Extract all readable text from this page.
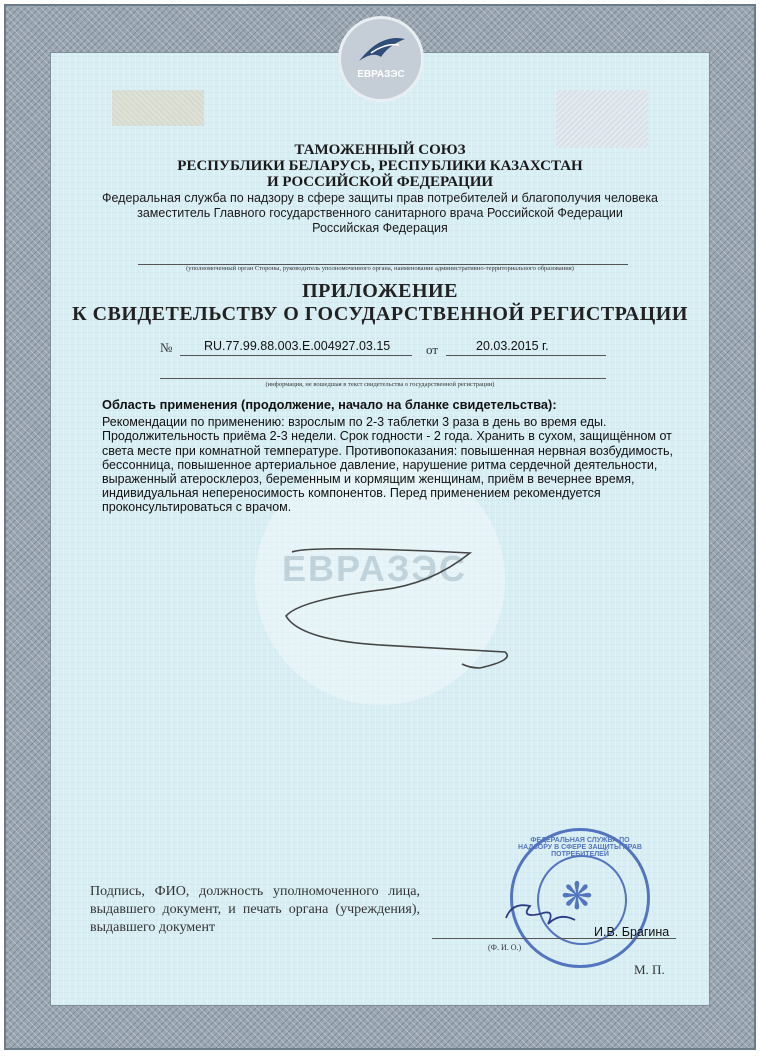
ЕВРАЗЭС
ЕВРАЗЭС
ТАМОЖЕННЫЙ СОЮЗ
РЕСПУБЛИКИ БЕЛАРУСЬ, РЕСПУБЛИКИ КАЗАХСТАН
И РОССИЙСКОЙ ФЕДЕРАЦИИ
Федеральная служба по надзору в сфере защиты прав потребителей и благополучия человека
заместитель Главного государственного санитарного врача Российской Федерации
Российская Федерация
(уполномоченный орган Стороны, руководитель уполномоченного органа, наименование административно-территориального образования)
ПРИЛОЖЕНИЕ
К СВИДЕТЕЛЬСТВУ О ГОСУДАРСТВЕННОЙ РЕГИСТРАЦИИ
№	RU.77.99.88.003.Е.004927.03.15	от	20.03.2015 г.
(информация, не вошедшая в текст свидетельства о государственной регистрации)
Область применения (продолжение, начало на бланке свидетельства):
Рекомендации по применению: взрослым по 2-3 таблетки 3 раза в день во время еды.
Продолжительность приёма 2-3 недели. Срок годности - 2 года. Хранить в сухом, защищённом от
света месте при комнатной температуре. Противопоказания: повышенная нервная возбудимость,
бессонница, повышенное артериальное давление, нарушение ритма сердечной деятельности,
выраженный атеросклероз, беременным и кормящим женщинам, приём в вечернее время,
индивидуальная непереносимость компонентов. Перед применением рекомендуется
проконсультироваться с врачом.
Подпись, ФИО, должность уполномоченного лица, выдавшего документ, и печать органа (учреждения), выдавшего документ
❋
ФЕДЕРАЛЬНАЯ СЛУЖБА ПО НАДЗОРУ В СФЕРЕ ЗАЩИТЫ ПРАВ ПОТРЕБИТЕЛЕЙ
И.В. Брагина
(Ф. И. О.)
М. П.
